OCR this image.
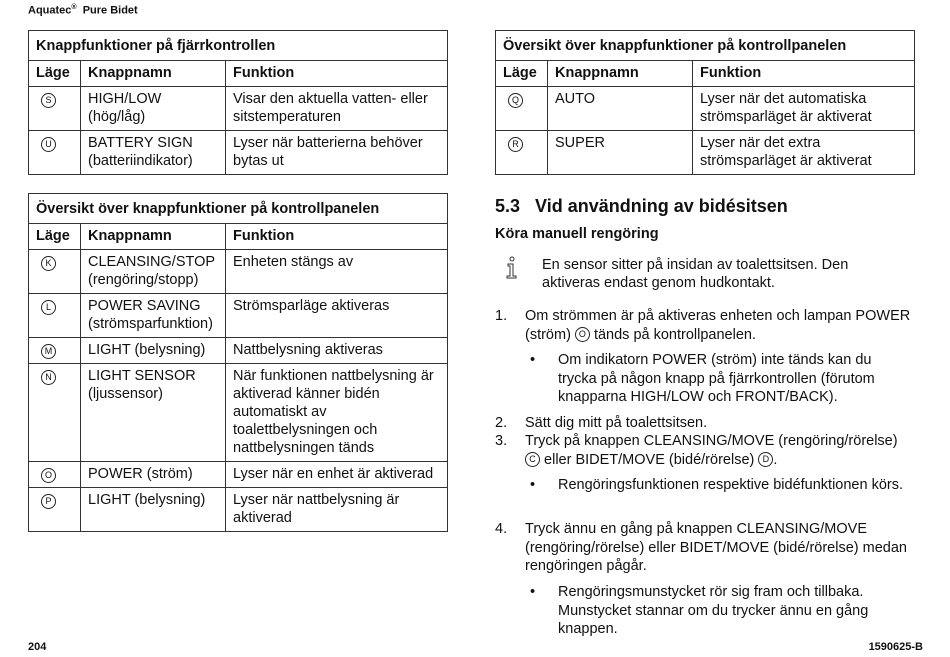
Aquatec® Pure Bidet
Knappfunktioner på fjärrkontrollen		
Läge	Knappnamn	Funktion
S	HIGH/LOW (hög/låg)	Visar den aktuella vatten- eller sitstemperaturen
U	BATTERY SIGN (batteriindikator)	Lyser när batterierna behöver bytas ut
Översikt över knappfunktioner på kontrollpanelen		
Läge	Knappnamn	Funktion
K	CLEANSING/STOP (rengöring/stopp)	Enheten stängs av
L	POWER SAVING (strömsparfunktion)	Strömsparläge aktiveras
M	LIGHT (belysning)	Nattbelysning aktiveras
N	LIGHT SENSOR (ljussensor)	När funktionen nattbelysning är aktiverad känner bidén automatiskt av toalettbelysningen och nattbelysningen tänds
O	POWER (ström)	Lyser när en enhet är aktiverad
P	LIGHT (belysning)	Lyser när nattbelysning är aktiverad
Översikt över knappfunktioner på kontrollpanelen		
Läge	Knappnamn	Funktion
Q	AUTO	Lyser när det automatiska strömsparläget är aktiverat
R	SUPER	Lyser när det extra strömsparläget är aktiverat
5.3 Vid användning av bidésitsen
Köra manuell rengöring
En sensor sitter på insidan av toalettsitsen. Den aktiveras endast genom hudkontakt.
1. Om strömmen är på aktiveras enheten och lampan POWER (ström) O tänds på kontrollpanelen.
• Om indikatorn POWER (ström) inte tänds kan du trycka på någon knapp på fjärrkontrollen (förutom knapparna HIGH/LOW och FRONT/BACK).
2. Sätt dig mitt på toalettsitsen.
3. Tryck på knappen CLEANSING/MOVE (rengöring/rörelse) C eller BIDET/MOVE (bidé/rörelse) D .
• Rengöringsfunktionen respektive bidéfunktionen körs.
4. Tryck ännu en gång på knappen CLEANSING/MOVE (rengöring/rörelse) eller BIDET/MOVE (bidé/rörelse) medan rengöringen pågår.
• Rengöringsmunstycket rör sig fram och tillbaka. Munstycket stannar om du trycker ännu en gång knappen.
204	1590625-B
